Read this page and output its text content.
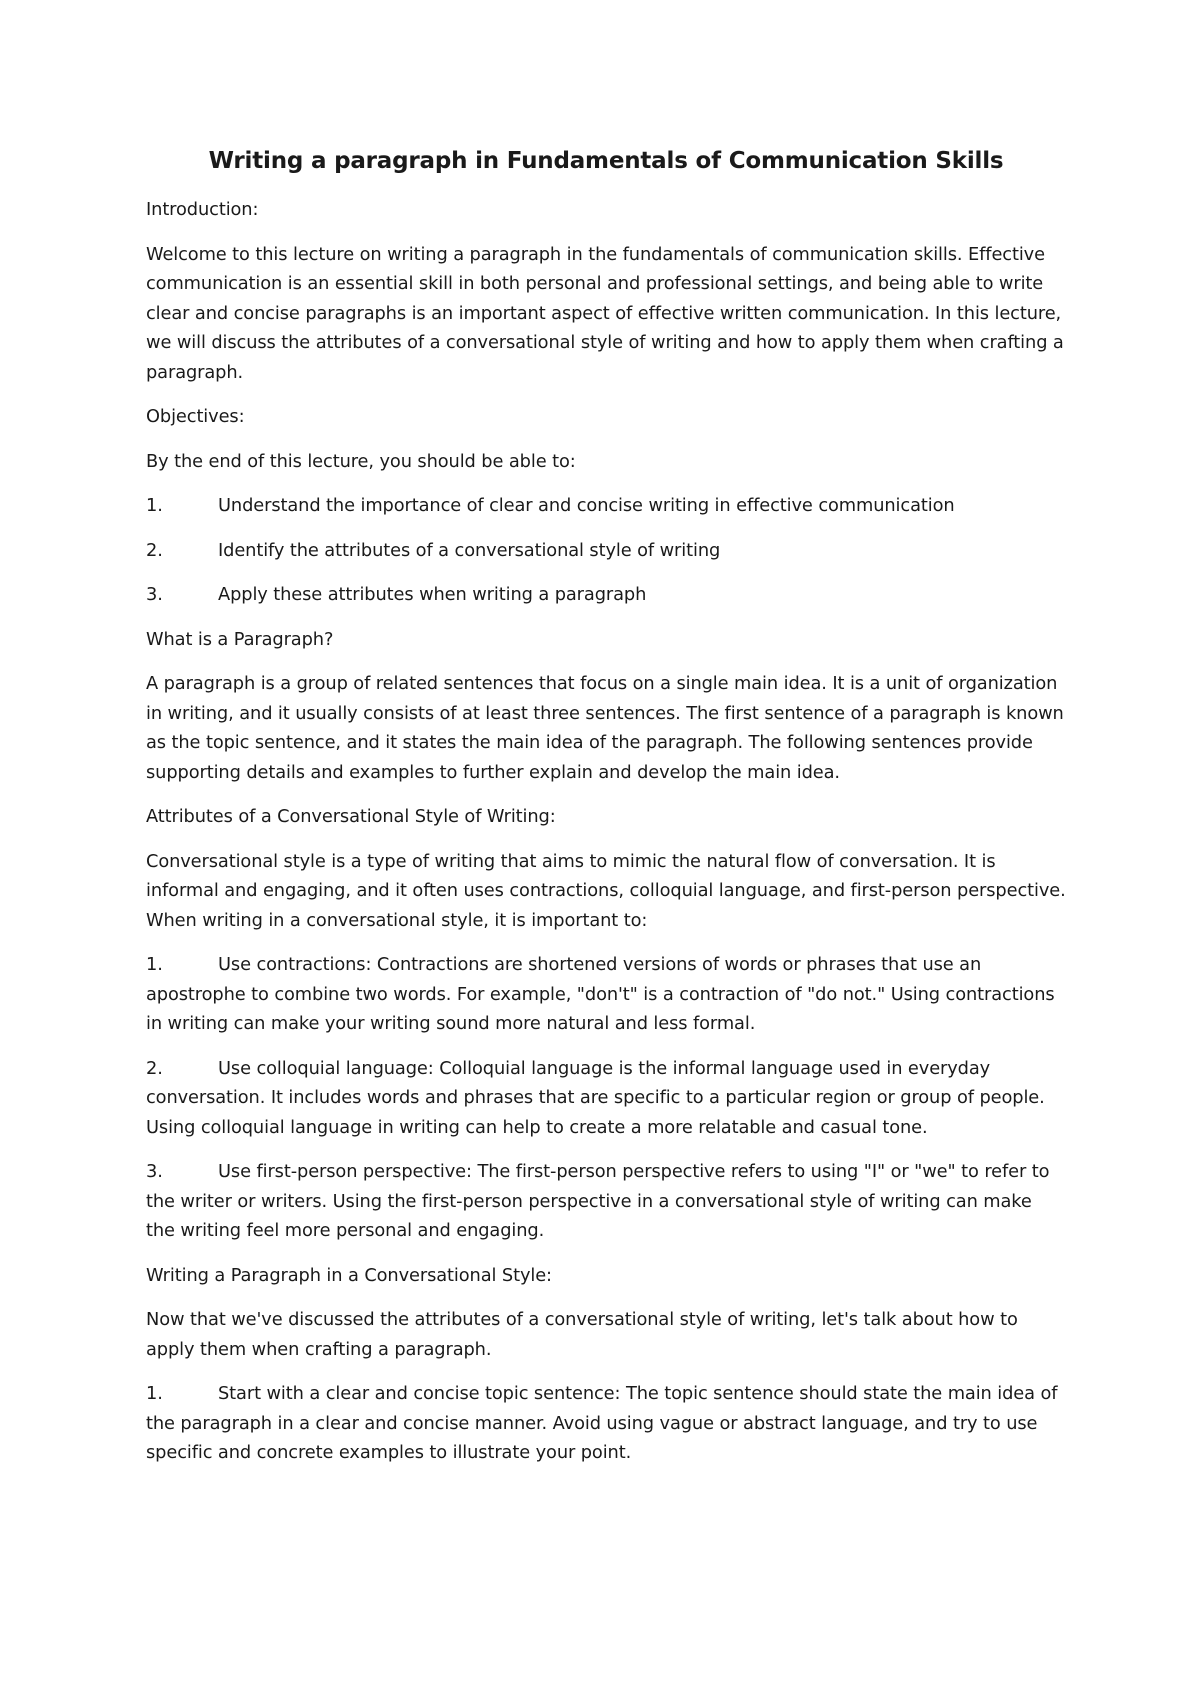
Writing a paragraph in Fundamentals of Communication Skills
Introduction:
Welcome to this lecture on writing a paragraph in the fundamentals of communication skills. Effective communication is an essential skill in both personal and professional settings, and being able to write clear and concise paragraphs is an important aspect of effective written communication. In this lecture, we will discuss the attributes of a conversational style of writing and how to apply them when crafting a paragraph.
Objectives:
By the end of this lecture, you should be able to:
1.	Understand the importance of clear and concise writing in effective communication
2.	Identify the attributes of a conversational style of writing
3.	Apply these attributes when writing a paragraph
What is a Paragraph?
A paragraph is a group of related sentences that focus on a single main idea. It is a unit of organization in writing, and it usually consists of at least three sentences. The first sentence of a paragraph is known as the topic sentence, and it states the main idea of the paragraph. The following sentences provide supporting details and examples to further explain and develop the main idea.
Attributes of a Conversational Style of Writing:
Conversational style is a type of writing that aims to mimic the natural flow of conversation. It is informal and engaging, and it often uses contractions, colloquial language, and first-person perspective. When writing in a conversational style, it is important to:
1.	Use contractions: Contractions are shortened versions of words or phrases that use an apostrophe to combine two words. For example, "don't" is a contraction of "do not." Using contractions in writing can make your writing sound more natural and less formal.
2.	Use colloquial language: Colloquial language is the informal language used in everyday conversation. It includes words and phrases that are specific to a particular region or group of people. Using colloquial language in writing can help to create a more relatable and casual tone.
3.	Use first-person perspective: The first-person perspective refers to using "I" or "we" to refer to the writer or writers. Using the first-person perspective in a conversational style of writing can make the writing feel more personal and engaging.
Writing a Paragraph in a Conversational Style:
Now that we've discussed the attributes of a conversational style of writing, let's talk about how to apply them when crafting a paragraph.
1.	Start with a clear and concise topic sentence: The topic sentence should state the main idea of the paragraph in a clear and concise manner. Avoid using vague or abstract language, and try to use specific and concrete examples to illustrate your point.
